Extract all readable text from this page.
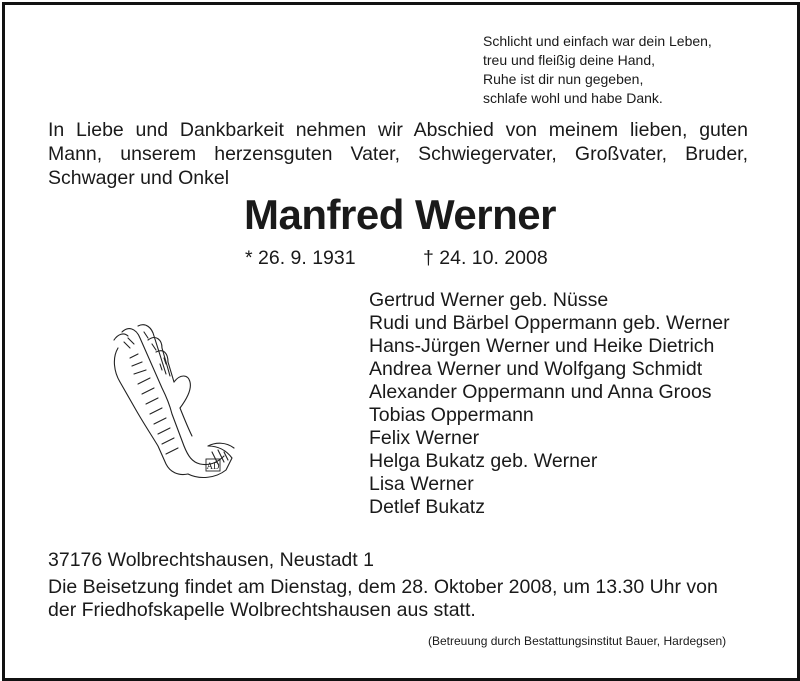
Schlicht und einfach war dein Leben,
treu und fleißig deine Hand,
Ruhe ist dir nun gegeben,
schlafe wohl und habe Dank.
In Liebe und Dankbarkeit nehmen wir Abschied von meinem lieben, guten
Mann, unserem herzensguten Vater, Schwiegervater, Großvater, Bruder,
Schwager und Onkel
Manfred Werner
* 26. 9. 1931	† 24. 10. 2008
AD
Gertrud Werner geb. Nüsse
Rudi und Bärbel Oppermann geb. Werner
Hans-Jürgen Werner und Heike Dietrich
Andrea Werner und Wolfgang Schmidt
Alexander Oppermann und Anna Groos
Tobias Oppermann
Felix Werner
Helga Bukatz geb. Werner
Lisa Werner
Detlef Bukatz
37176 Wolbrechtshausen, Neustadt 1
Die Beisetzung findet am Dienstag, dem 28. Oktober 2008, um 13.30 Uhr von
der Friedhofskapelle Wolbrechtshausen aus statt.
(Betreuung durch Bestattungsinstitut Bauer, Hardegsen)
